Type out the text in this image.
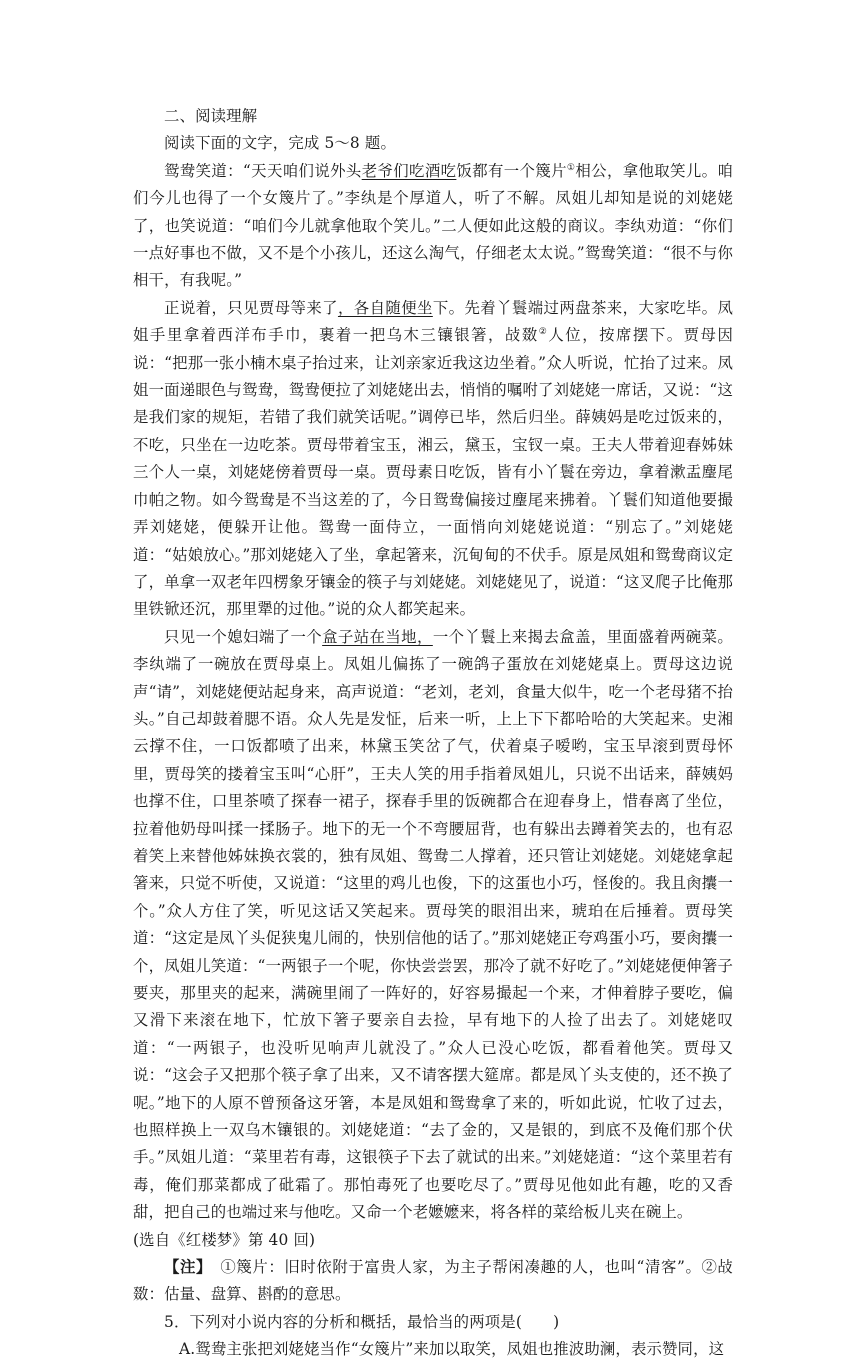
二、阅读理解

阅读下面的文字，完成 5～8 题。

鸳鸯笑道：“天天咱们说外头老爷们吃酒吃饭都有一个篾片①相公，拿他取笑儿。咱们今儿也得了一个女篾片了。”李纨是个厚道人，听了不解。凤姐儿却知是说的刘姥姥了，也笑说道：“咱们今儿就拿他取个笑儿。”二人便如此这般的商议。李纨劝道：“你们一点好事也不做，又不是个小孩儿，还这么淘气，仔细老太太说。”鸳鸯笑道：“很不与你相干，有我呢。”

正说着，只见贾母等来了，各自随便坐下。先着丫鬟端过两盘茶来，大家吃毕。凤姐手里拿着西洋布手巾，裹着一把乌木三镶银箸，敁敪②人位，按席摆下。贾母因说：“把那一张小楠木桌子抬过来，让刘亲家近我这边坐着。”众人听说，忙抬了过来。凤姐一面递眼色与鸳鸯，鸳鸯便拉了刘姥姥出去，悄悄的嘱咐了刘姥姥一席话，又说：“这是我们家的规矩，若错了我们就笑话呢。”调停已毕，然后归坐。薛姨妈是吃过饭来的，不吃，只坐在一边吃茶。贾母带着宝玉，湘云，黛玉，宝钗一桌。王夫人带着迎春姊妹三个人一桌，刘姥姥傍着贾母一桌。贾母素日吃饭，皆有小丫鬟在旁边，拿着漱盂麈尾巾帕之物。如今鸳鸯是不当这差的了，今日鸳鸯偏接过麈尾来拂着。丫鬟们知道他要撮弄刘姥姥，便躲开让他。鸳鸯一面侍立，一面悄向刘姥姥说道：“别忘了。”刘姥姥道：“姑娘放心。”那刘姥姥入了坐，拿起箸来，沉甸甸的不伏手。原是凤姐和鸳鸯商议定了，单拿一双老年四楞象牙镶金的筷子与刘姥姥。刘姥姥见了，说道：“这叉爬子比俺那里铁锨还沉，那里犟的过他。”说的众人都笑起来。

只见一个媳妇端了一个盒子站在当地，一个丫鬟上来揭去盒盖，里面盛着两碗菜。李纨端了一碗放在贾母桌上。凤姐儿偏拣了一碗鸽子蛋放在刘姥姥桌上。贾母这边说声“请”，刘姥姥便站起身来，高声说道：“老刘，老刘，食量大似牛，吃一个老母猪不抬头。”自己却鼓着腮不语。众人先是发怔，后来一听，上上下下都哈哈的大笑起来。史湘云撑不住，一口饭都喷了出来，林黛玉笑岔了气，伏着桌子嗳哟，宝玉早滚到贾母怀里，贾母笑的搂着宝玉叫“心肝”，王夫人笑的用手指着凤姐儿，只说不出话来，薛姨妈也撑不住，口里茶喷了探春一裙子，探春手里的饭碗都合在迎春身上，惜春离了坐位，拉着他奶母叫揉一揉肠子。地下的无一个不弯腰屈背，也有躲出去蹲着笑去的，也有忍着笑上来替他姊妹换衣裳的，独有凤姐、鸳鸯二人撑着，还只管让刘姥姥。刘姥姥拿起箸来，只觉不听使，又说道：“这里的鸡儿也俊，下的这蛋也小巧，怪俊的。我且肏攮一个。”众人方住了笑，听见这话又笑起来。贾母笑的眼泪出来，琥珀在后捶着。贾母笑道：“这定是凤丫头促狭鬼儿闹的，快别信他的话了。”那刘姥姥正夸鸡蛋小巧，要肏攮一个，凤姐儿笑道：“一两银子一个呢，你快尝尝罢，那冷了就不好吃了。”刘姥姥便伸箸子要夹，那里夹的起来，满碗里闹了一阵好的，好容易撮起一个来，才伸着脖子要吃，偏又滑下来滚在地下，忙放下箸子要亲自去捡，早有地下的人捡了出去了。刘姥姥叹道：“一两银子，也没听见响声儿就没了。”众人已没心吃饭，都看着他笑。贾母又说：“这会子又把那个筷子拿了出来，又不请客摆大筵席。都是凤丫头支使的，还不换了呢。”地下的人原不曾预备这牙箸，本是凤姐和鸳鸯拿了来的，听如此说，忙收了过去，也照样换上一双乌木镶银的。刘姥姥道：“去了金的，又是银的，到底不及俺们那个伏手。”凤姐儿道：“菜里若有毒，这银筷子下去了就试的出来。”刘姥姥道：“这个菜里若有毒，俺们那菜都成了砒霜了。那怕毒死了也要吃尽了。”贾母见他如此有趣，吃的又香甜，把自己的也端过来与他吃。又命一个老嬷嬷来，将各样的菜给板儿夹在碗上。

(选自《红楼梦》第 40 回)

【注】　 ①篾片：旧时依附于富贵人家，为主子帮闲凑趣的人，也叫“清客”。②敁敪：估量、盘算、斟酌的意思。

5．下列对小说内容的分析和概括，最恰当的两项是(　　)

A.鸳鸯主张把刘姥姥当作“女篾片”来加以取笑，凤姐也推波助澜，表示赞同，这
